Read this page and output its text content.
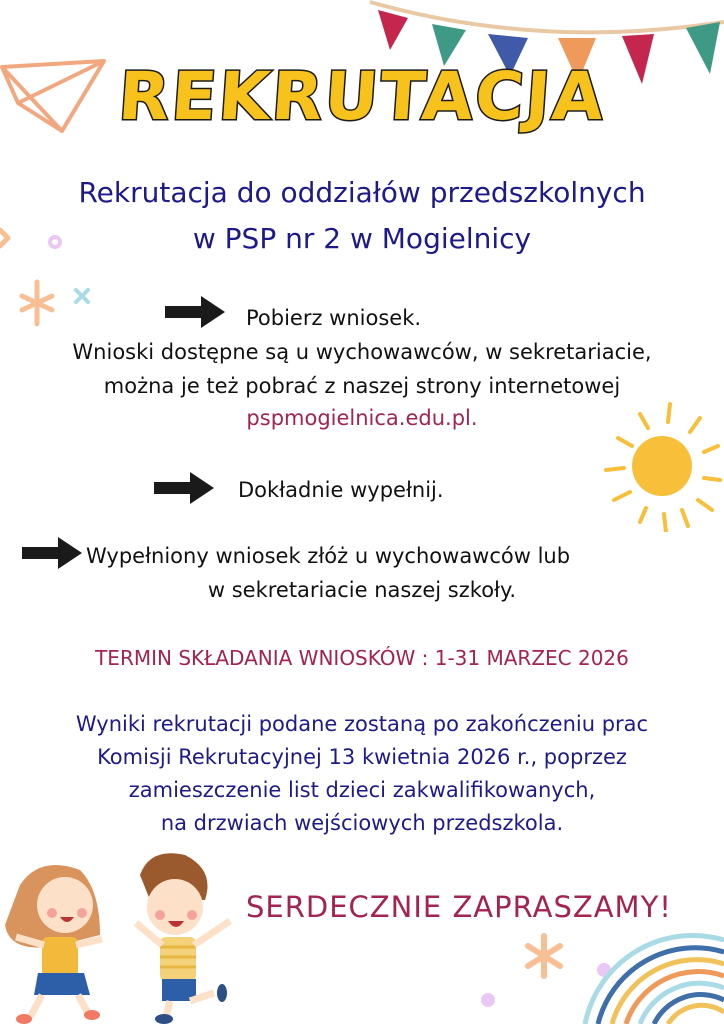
REKRUTACJA
Rekrutacja do oddziałów przedszkolnych
w PSP nr 2 w Mogielnicy
Pobierz wniosek.
Wnioski dostępne są u wychowawców, w sekretariacie,
można je też pobrać z naszej strony internetowej
pspmogielnica.edu.pl.
Dokładnie wypełnij.
Wypełniony wniosek złóż u wychowawców lub
w sekretariacie naszej szkoły.
TERMIN SKŁADANIA WNIOSKÓW : 1-31 MARZEC 2026
Wyniki rekrutacji podane zostaną po zakończeniu prac
Komisji Rekrutacyjnej 13 kwietnia 2026 r., poprzez
zamieszczenie list dzieci zakwalifikowanych,
na drzwiach wejściowych przedszkola.
SERDECZNIE ZAPRASZAMY!
